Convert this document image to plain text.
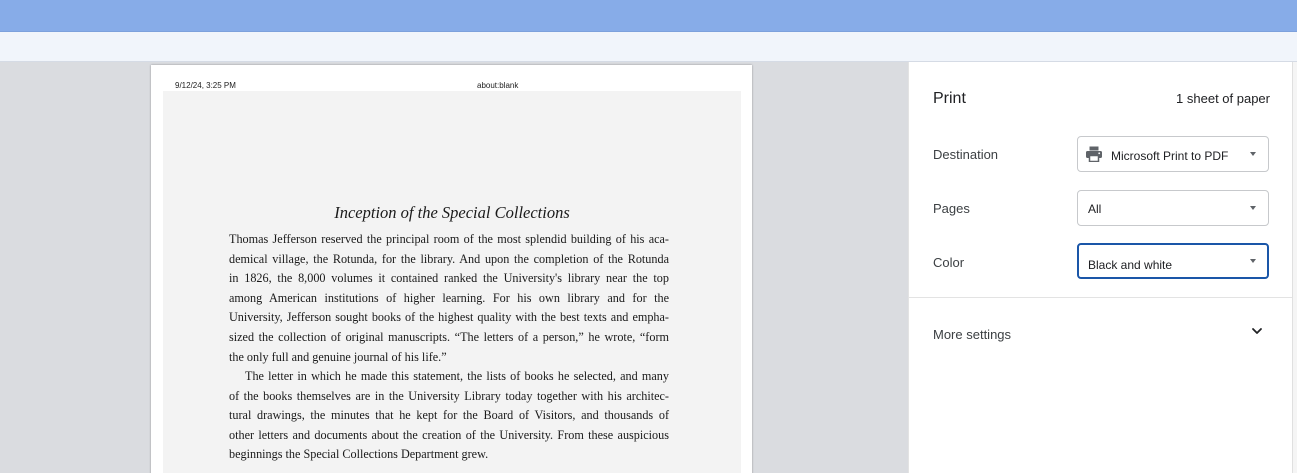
9/12/24, 3:25 PM	about:blank
Inception of the Special Collections
Thomas Jefferson reserved the principal room of the most splendid building of his aca-
demical village, the Rotunda, for the library. And upon the completion of the Rotunda
in 1826, the 8,000 volumes it contained ranked the University's library near the top
among American institutions of higher learning. For his own library and for the
University, Jefferson sought books of the highest quality with the best texts and empha-
sized the collection of original manuscripts. “The letters of a person,” he wrote, “form
the only full and genuine journal of his life.”
The letter in which he made this statement, the lists of books he selected, and many
of the books themselves are in the University Library today together with his architec-
tural drawings, the minutes that he kept for the Board of Visitors, and thousands of
other letters and documents about the creation of the University. From these auspicious
beginnings the Special Collections Department grew.
Print	1 sheet of paper
Destination	Microsoft Print to PDF
Pages	All
Color	Black and white
More settings
